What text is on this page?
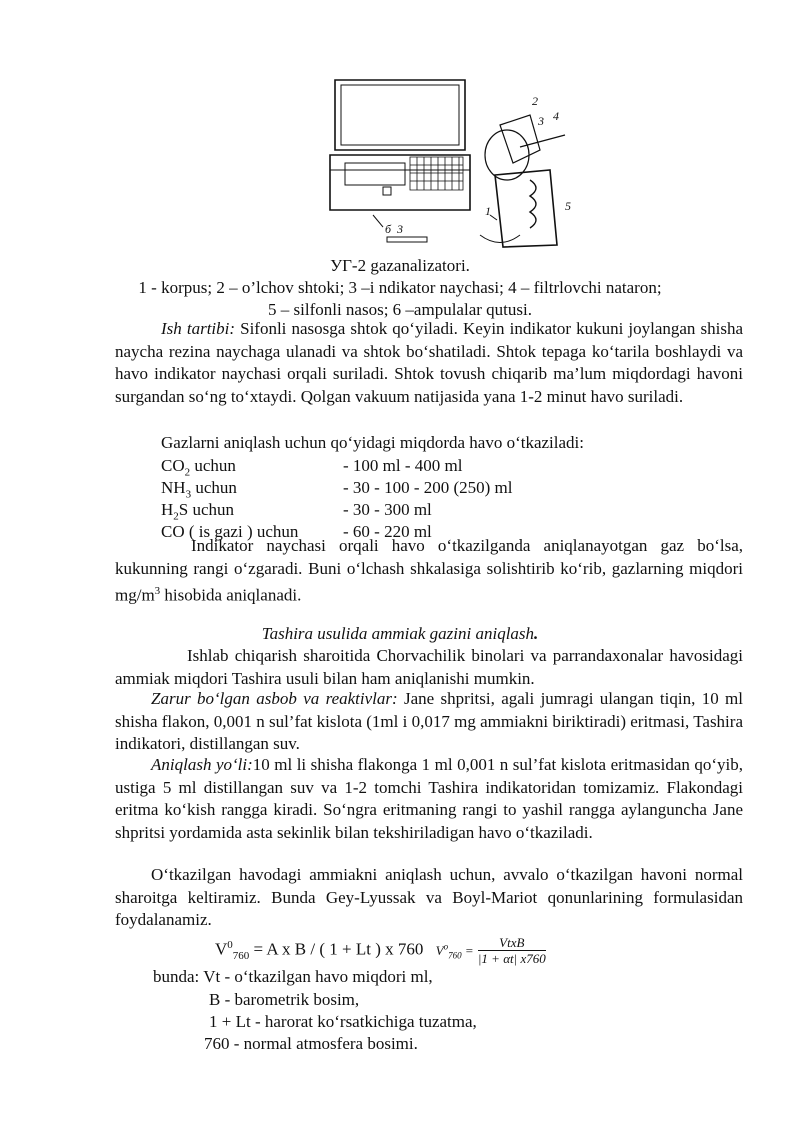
1
2
3 4
5
б 3
УГ-2 gazanalizatori.
1 - korpus; 2 – o’lchov shtoki; 3 –i ndikator naychasi; 4 – filtrlovchi nataron;
5 – silfonli nasos; 6 –ampulalar qutusi.
Ish tartibi: Sifonli nasosga shtok qo‘yiladi. Keyin indikator kukuni joylangan shisha naycha rezina naychaga ulanadi va shtok bo‘shatiladi. Shtok tepaga ko‘tarila boshlaydi va havo indikator naychasi orqali suriladi. Shtok tovush chiqarib ma’lum miqdordagi havoni surgandan so‘ng to‘xtaydi. Qolgan vakuum natijasida yana 1-2 minut havo suriladi.
Gazlarni aniqlash uchun qo‘yidagi miqdorda havo o‘tkaziladi:
$CO_2$ uchun	- 100 ml - 400 ml
$NH_3$ uchun	- 30 - 100 - 200 (250) ml
$H_2S$ uchun	- 30 - 300 ml
CO ( is gazi ) uchun	- 60 - 220 ml
Indikator naychasi orqali havo o‘tkazilganda aniqlanayotgan gaz bo‘lsa, kukunning rangi o‘zgaradi. Buni o‘lchash shkalasiga solishtirib ko‘rib, gazlarning miqdori $mg/m^3$ hisobida aniqlanadi.
Tashira usulida ammiak gazini aniqlash.
Ishlab chiqarish sharoitida Chorvachilik binolari va parrandaxonalar havosidagi ammiak miqdori Tashira usuli bilan ham aniqlanishi mumkin.
Zarur bo‘lgan asbob va reaktivlar: Jane shpritsi, agali jumragi ulangan tiqin, 10 ml shisha flakon, 0,001 n sul’fat kislota (1ml i 0,017 mg ammiakni biriktiradi) eritmasi, Tashira indikatori, distillangan suv.
Aniqlash yo‘li:10 ml li shisha flakonga 1 ml 0,001 n sul’fat kislota eritmasidan qo‘yib, ustiga 5 ml distillangan suv va 1-2 tomchi Tashira indikatoridan tomizamiz. Flakondagi eritma ko‘kish rangga kiradi. So‘ngra eritmaning rangi to yashil rangga aylanguncha Jane shpritsi yordamida asta sekinlik bilan tekshiriladigan havo o‘tkaziladi.
O‘tkazilgan havodagi ammiakni aniqlash uchun, avvalo o‘tkazilgan havoni normal sharoitga keltiramiz. Bunda Gey-Lyussak va Boyl-Mariot qonunlarining formulasidan foydalanamiz.
$V^0_{760} = A$ x B / ( 1 + Lt ) x 760 $V^o_{760} = \frac{\text{VtxB}}{|1 + \alpha t| x760}$
bunda: Vt - o‘tkazilgan havo miqdori ml,
B - barometrik bosim,
1 + Lt - harorat ko‘rsatkichiga tuzatma,
760 - normal atmosfera bosimi.
